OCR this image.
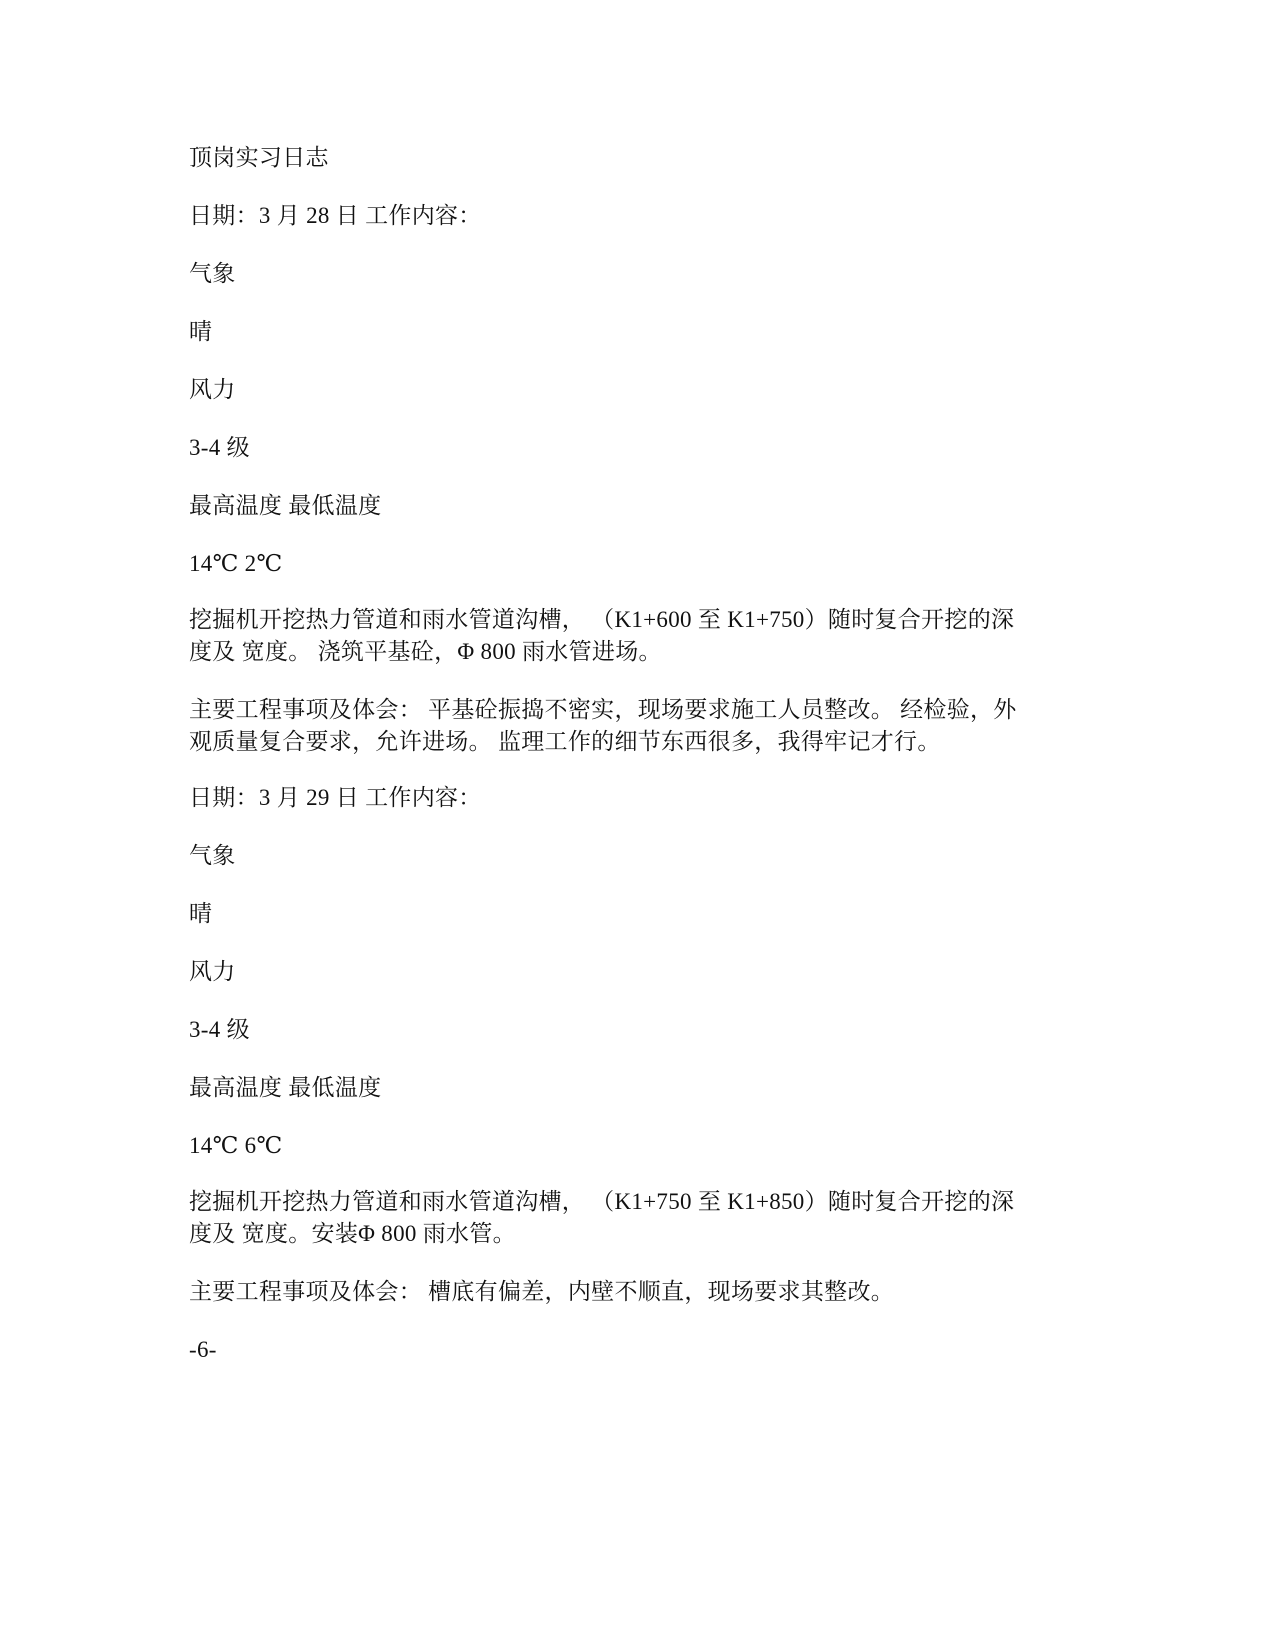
顶岗实习日志
日期：3 月 28 日 工作内容：
气象
晴
风力
3-4 级
最高温度 最低温度
14℃ 2℃
挖掘机开挖热力管道和雨水管道沟槽， （K1+600 至 K1+750）随时复合开挖的深
度及 宽度。 浇筑平基砼，Φ 800 雨水管进场。
主要工程事项及体会： 平基砼振捣不密实，现场要求施工人员整改。 经检验，外
观质量复合要求，允许进场。 监理工作的细节东西很多，我得牢记才行。
日期：3 月 29 日 工作内容：
气象
晴
风力
3-4 级
最高温度 最低温度
14℃ 6℃
挖掘机开挖热力管道和雨水管道沟槽， （K1+750 至 K1+850）随时复合开挖的深
度及 宽度。安装Φ 800 雨水管。
主要工程事项及体会： 槽底有偏差，内壁不顺直，现场要求其整改。
-6-
